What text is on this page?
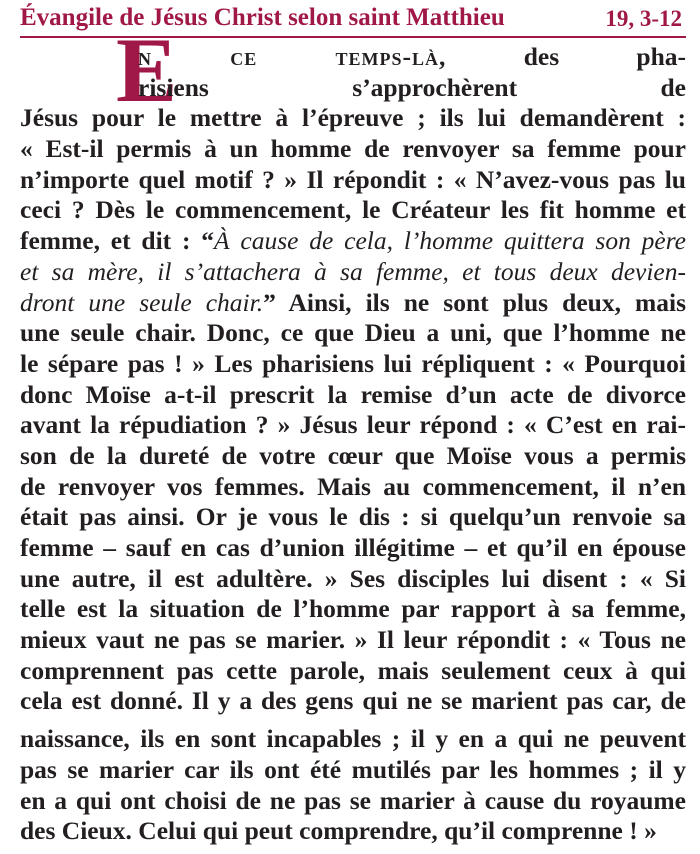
Évangile de Jésus Christ selon saint Matthieu	19, 3-12
E
n ce temps-là,	des pha-
risiens s’approchèrent de
Jésus pour le mettre à l’épreuve ; ils lui demandèrent :
« Est-il permis à un homme de renvoyer sa femme pour
n’importe quel motif ? » Il répondit : « N’avez-vous pas lu
ceci ? Dès le commencement, le Créateur les fit homme et
femme, et dit : “À cause de cela, l’homme quittera son père
et sa mère, il s’attachera à sa femme, et tous deux devien-
dront une seule chair.” Ainsi, ils ne sont plus deux, mais
une seule chair. Donc, ce que Dieu a uni, que l’homme ne
le sépare pas ! » Les pharisiens lui répliquent : « Pourquoi
donc Moïse a-t-il prescrit la remise d’un acte de divorce
avant la répudiation ? » Jésus leur répond : « C’est en rai-
son de la dureté de votre cœur que Moïse vous a permis
de renvoyer vos femmes. Mais au commencement, il n’en
était pas ainsi. Or je vous le dis : si quelqu’un renvoie sa
femme – sauf en cas d’union illégitime – et qu’il en épouse
une autre, il est adultère. » Ses disciples lui disent : « Si
telle est la situation de l’homme par rapport à sa femme,
mieux vaut ne pas se marier. » Il leur répondit : « Tous ne
comprennent pas cette parole, mais seulement ceux à qui
cela est donné. Il y a des gens qui ne se marient pas car, de
naissance, ils en sont incapables ; il y en a qui ne peuvent
pas se marier car ils ont été mutilés par les hommes ; il y
en a qui ont choisi de ne pas se marier à cause du royaume
des Cieux. Celui qui peut comprendre, qu’il comprenne ! »
